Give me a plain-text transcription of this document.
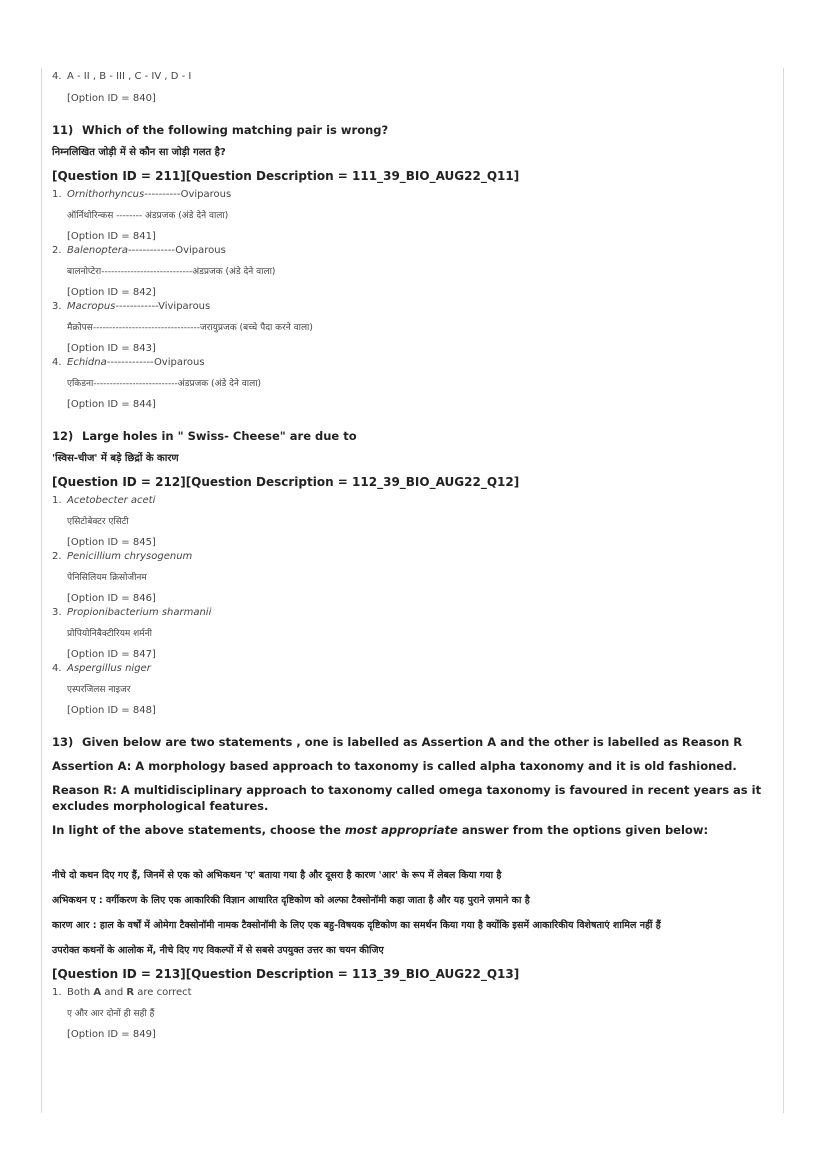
4. A - II , B - III , C - IV , D - I
[Option ID = 840]
11) Which of the following matching pair is wrong?
निम्नलिखित जोड़ी में से कौन सा जोड़ी गलत है?
[Question ID = 211][Question Description = 111_39_BIO_AUG22_Q11]
1. Ornithorhyncus----------Oviparous
ऑर्निथोरिन्कस -------- अंडप्रजक (अंडे देने वाला)
[Option ID = 841]
2. Balenoptera-------------Oviparous
बालनोप्टेरा----------------------------अंडप्रजक (अंडे देने वाला)
[Option ID = 842]
3. Macropus------------Viviparous
मैक्रोपस---------------------------------जरायुप्रजक (बच्चे पैदा करने वाला)
[Option ID = 843]
4. Echidna-------------Oviparous
एकिडना--------------------------अंडप्रजक (अंडे देने वाला)
[Option ID = 844]
12) Large holes in " Swiss- Cheese" are due to
'स्विस-चीज' में बड़े छिद्रों के कारण
[Question ID = 212][Question Description = 112_39_BIO_AUG22_Q12]
1. Acetobecter aceti
एसिटोबेक्टर एसिटी
[Option ID = 845]
2. Penicillium chrysogenum
पेनिसिलियम क्रिसोजीनम
[Option ID = 846]
3. Propionibacterium sharmanii
प्रोपियोनिबैक्टीरियम शर्मनी
[Option ID = 847]
4. Aspergillus niger
एस्परजिलस नाइजर
[Option ID = 848]
13) Given below are two statements , one is labelled as Assertion A and the other is labelled as Reason R
Assertion A: A morphology based approach to taxonomy is called alpha taxonomy and it is old fashioned.
Reason R: A multidisciplinary approach to taxonomy called omega taxonomy is favoured in recent years as it excludes morphological features.
In light of the above statements, choose the most appropriate answer from the options given below:
नीचे दो कथन दिए गए हैं, जिनमें से एक को अभिकथन 'ए' बताया गया है और दूसरा है कारण 'आर' के रूप में लेबल किया गया है
अभिकथन ए : वर्गीकरण के लिए एक आकारिकी विज्ञान आधारित दृष्टिकोण को अल्फा टैक्सोनॉमी कहा जाता है और यह पुराने ज़माने का है
कारण आर : हाल के वर्षों में ओमेगा टैक्सोनॉमी नामक टैक्सोनॉमी के लिए एक बहु-विषयक दृष्टिकोण का समर्थन किया गया है क्योंकि इसमें आकारिकीय विशेषताएं शामिल नहीं हैं
उपरोक्त कथनों के आलोक में, नीचे दिए गए विकल्पों में से सबसे उपयुक्त उत्तर का चयन कीजिए
[Question ID = 213][Question Description = 113_39_BIO_AUG22_Q13]
1. Both A and R are correct
ए और आर दोनों ही सही हैं
[Option ID = 849]
